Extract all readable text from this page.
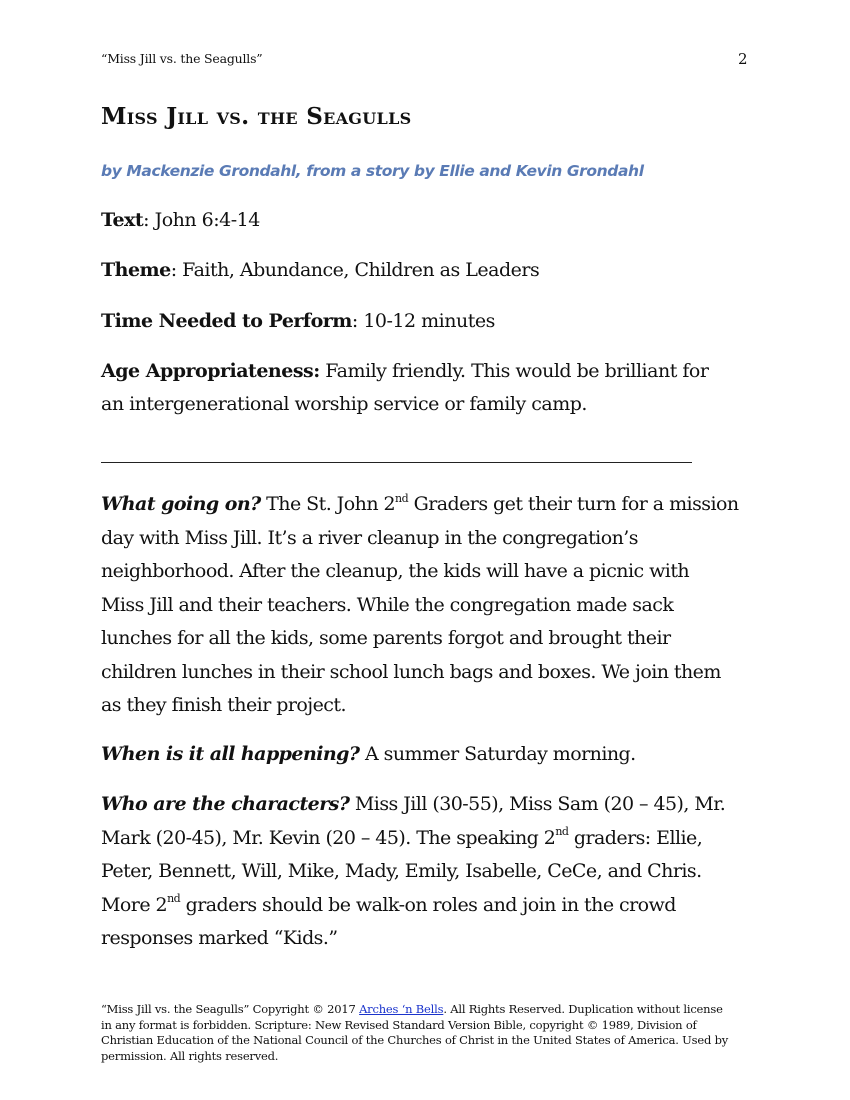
“Miss Jill vs. the Seagulls”	2
Miss Jill vs. the Seagulls
by Mackenzie Grondahl, from a story by Ellie and Kevin Grondahl
Text: John 6:4-14
Theme: Faith, Abundance, Children as Leaders
Time Needed to Perform: 10-12 minutes
Age Appropriateness: Family friendly. This would be brilliant for
an intergenerational worship service or family camp.
What going on? The St. John 2nd Graders get their turn for a mission
day with Miss Jill. It’s a river cleanup in the congregation’s
neighborhood. After the cleanup, the kids will have a picnic with
Miss Jill and their teachers. While the congregation made sack
lunches for all the kids, some parents forgot and brought their
children lunches in their school lunch bags and boxes. We join them
as they finish their project.
When is it all happening? A summer Saturday morning.
Who are the characters? Miss Jill (30-55), Miss Sam (20 – 45), Mr.
Mark (20-45), Mr. Kevin (20 – 45). The speaking 2nd graders: Ellie,
Peter, Bennett, Will, Mike, Mady, Emily, Isabelle, CeCe, and Chris.
More 2nd graders should be walk-on roles and join in the crowd
responses marked “Kids.”
“Miss Jill vs. the Seagulls” Copyright © 2017 Arches ‘n Bells. All Rights Reserved. Duplication without license
in any format is forbidden. Scripture: New Revised Standard Version Bible, copyright © 1989, Division of
Christian Education of the National Council of the Churches of Christ in the United States of America. Used by
permission. All rights reserved.
